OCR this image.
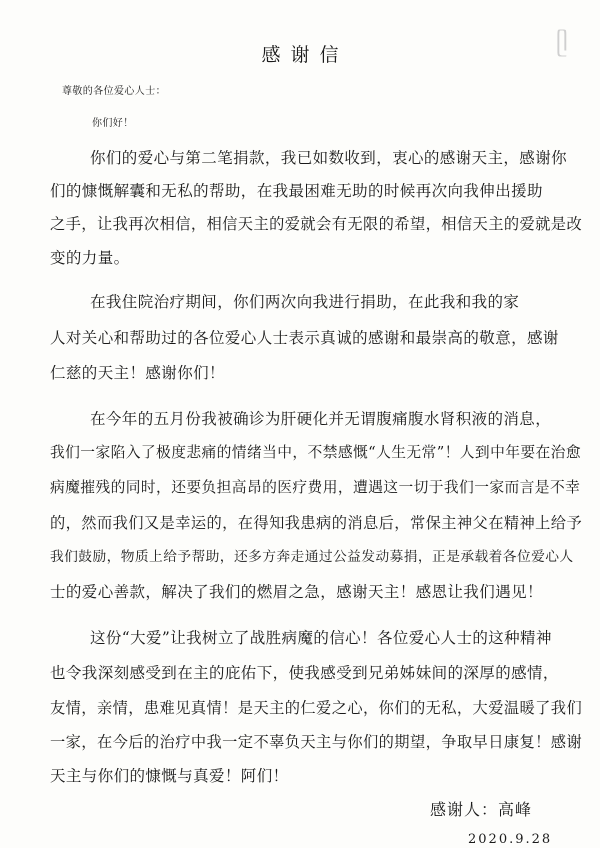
ᥫ
感谢信
尊敬的各位爱心人士：
你们好！
你们的爱心与第二笔捐款，我已如数收到，衷心的感谢天主，感谢你
们的慷慨解囊和无私的帮助，在我最困难无助的时候再次向我伸出援助
之手，让我再次相信，相信天主的爱就会有无限的希望，相信天主的爱就是改
变的力量。
在我住院治疗期间，你们两次向我进行捐助，在此我和我的家
人对关心和帮助过的各位爱心人士表示真诚的感谢和最崇高的敬意，感谢
仁慈的天主！感谢你们！
在今年的五月份我被确诊为肝硬化并无谓腹痛腹水肾积液的消息，
我们一家陷入了极度悲痛的情绪当中，不禁感慨“人生无常”！人到中年要在治愈
病魔摧残的同时，还要负担高昂的医疗费用，遭遇这一切于我们一家而言是不幸
的，然而我们又是幸运的，在得知我患病的消息后，常保主神父在精神上给予
我们鼓励，物质上给予帮助，还多方奔走通过公益发动募捐，正是承载着各位爱心人
士的爱心善款，解决了我们的燃眉之急，感谢天主！感恩让我们遇见！
这份“大爱”让我树立了战胜病魔的信心！各位爱心人士的这种精神
也令我深刻感受到在主的庇佑下，使我感受到兄弟姊妹间的深厚的感情，
友情，亲情，患难见真情！是天主的仁爱之心，你们的无私，大爱温暖了我们
一家，在今后的治疗中我一定不辜负天主与你们的期望，争取早日康复！感谢
天主与你们的慷慨与真爱！阿们！
感谢人：高峰
2020.9.28
